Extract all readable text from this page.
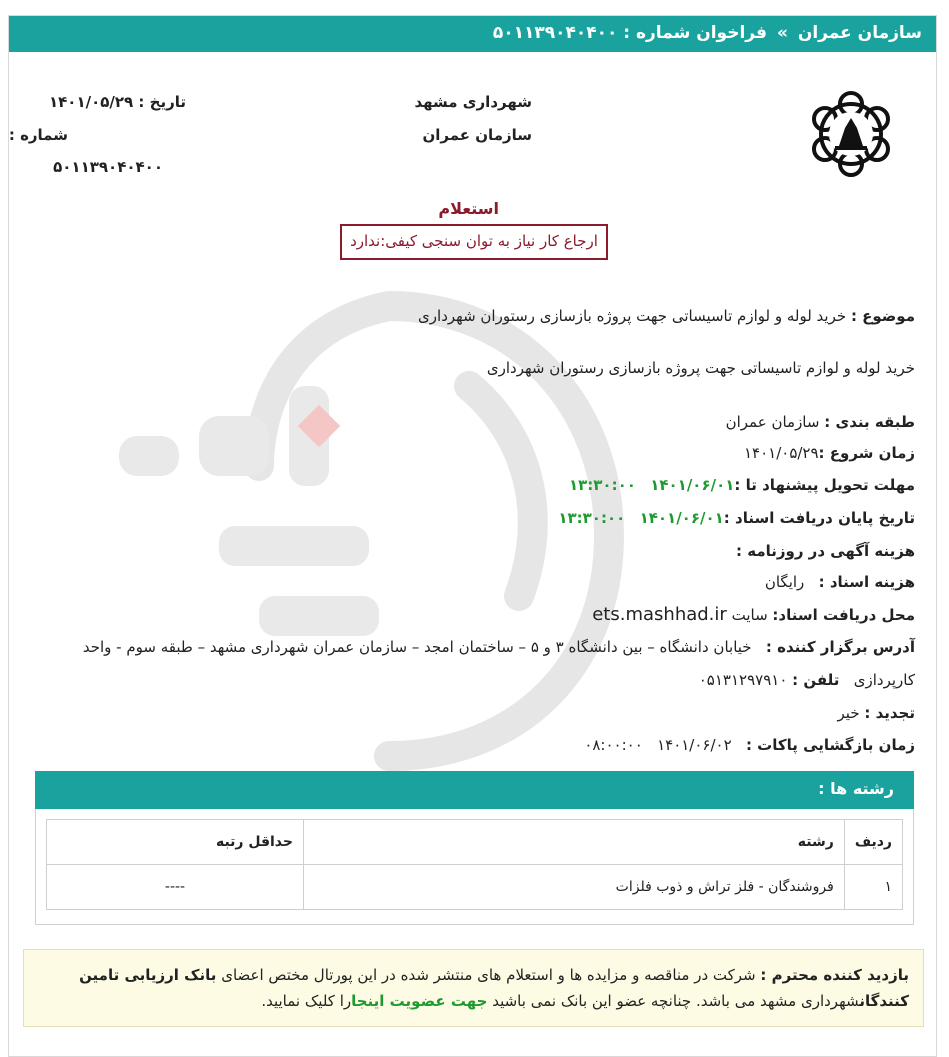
سازمان عمران » فراخوان شماره : ۵۰۱۱۳۹۰۴۰۴۰۰
شهرداری مشهد
سازمان عمران
تاریخ : ۱۴۰۱/۰۵/۲۹
شماره :
۵۰۱۱۳۹۰۴۰۴۰۰
استعلام
ارجاع کار نیاز به توان سنجی کیفی:ندارد
موضوع : خرید لوله و لوازم تاسیساتی جهت پروژه بازسازی رستوران شهرداری
خرید لوله و لوازم تاسیساتی جهت پروژه بازسازی رستوران شهرداری
طبقه بندی : سازمان عمران
زمان شروع :۱۴۰۱/۰۵/۲۹
مهلت تحویل پیشنهاد تا :۱۴۰۱/۰۶/۰۱   ۱۳:۳۰:۰۰
تاریخ پایان دریافت اسناد :۱۴۰۱/۰۶/۰۱   ۱۳:۳۰:۰۰
هزینه آگهی در روزنامه :
هزینه اسناد :   رایگان
محل دریافت اسناد: سایت ets.mashhad.ir
آدرس برگزار کننده :   خیابان دانشگاه – بین دانشگاه ۳ و ۵ – ساختمان امجد – سازمان عمران شهرداری مشهد – طبقه سوم - واحد
کارپردازی   تلفن : ۰۵۱۳۱۲۹۷۹۱۰
تجدید : خیر
زمان بازگشایی پاکات :   ۱۴۰۱/۰۶/۰۲   ۰۸:۰۰:۰۰
رشته ها :
ردیف	رشته	حداقل رتبه
۱	فروشندگان - فلز تراش و ذوب فلزات	----
بازدید کننده محترم : شرکت در مناقصه و مزایده ها و استعلام های منتشر شده در این پورتال مختص اعضای بانک ارزیابی تامین کنندگانشهرداری مشهد می باشد. چنانچه عضو این بانک نمی باشید جهت عضویت اینجارا کلیک نمایید.
